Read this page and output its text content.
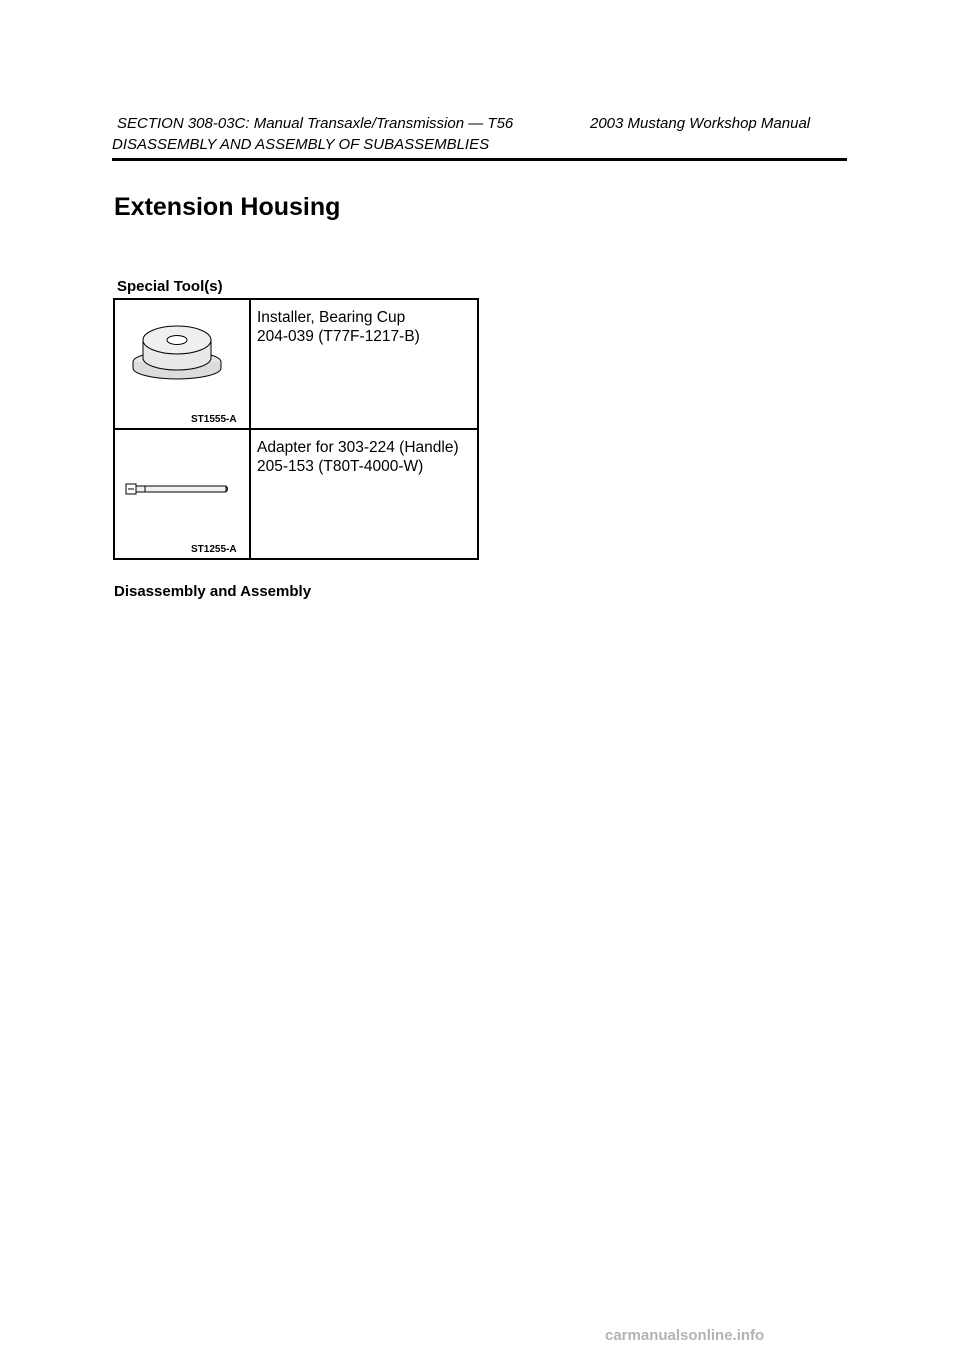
SECTION 308-03C: Manual Transaxle/Transmission — T56	2003 Mustang Workshop Manual
DISASSEMBLY AND ASSEMBLY OF SUBASSEMBLIES
Extension Housing
Special Tool(s)
ST1555-A	Installer, Bearing Cup
204-039 (T77F-1217-B)

ST1255-A	Adapter for 303-224 (Handle)
205-153 (T80T-4000-W)
Disassembly and Assembly
carmanualsonline.info
